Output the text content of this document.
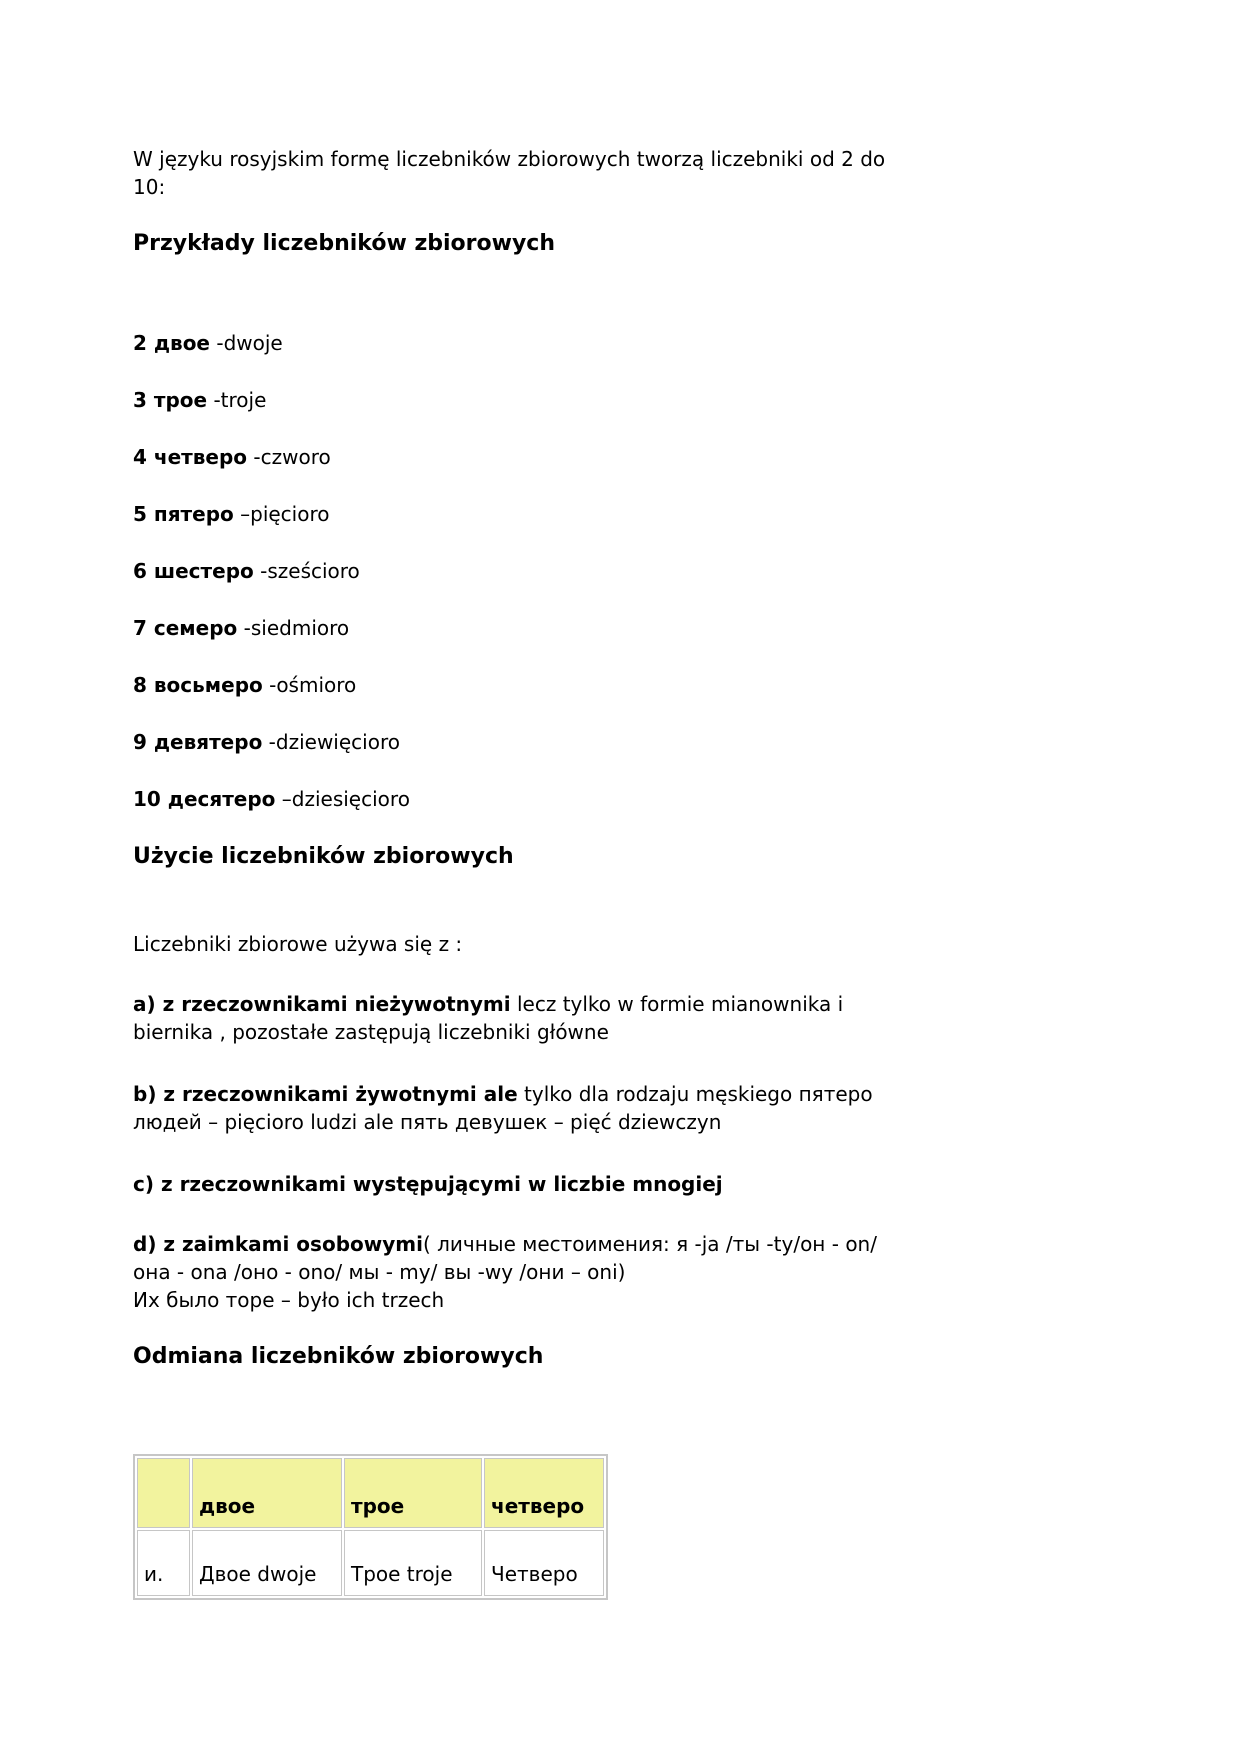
W języku rosyjskim formę liczebników zbiorowych tworzą liczebniki od 2 do
10:

Przykłady liczebników zbiorowych

2 двое -dwoje

3 трое -troje

4 четверо -czworo

5 пятеро –pięcioro

6 шестеро -sześcioro

7 семеро -siedmioro

8 восьмеро -ośmioro

9 девятеро -dziewięcioro

10 десятеро –dziesięcioro

Użycie liczebników zbiorowych

Liczebniki zbiorowe używa się z :

a) z rzeczownikami nieżywotnymi lecz tylko w formie mianownika i
biernika , pozostałe zastępują liczebniki główne

b) z rzeczownikami żywotnymi ale tylko dla rodzaju męskiego пятеро
людей – pięcioro ludzi ale пять девушек – pięć dziewczyn

c) z rzeczownikami występującymi w liczbie mnogiej

d) z zaimkami osobowymi( личные местоимения: я -ja /ты -ty/он - on/
она - ona /оно - ono/ мы - my/ вы -wy /они – oni)
Их было торе – było ich trzech

Odmiana liczebników zbiorowych
	двое	трое	четверо
и.	Двое dwoje	Трое troje	Четверо
